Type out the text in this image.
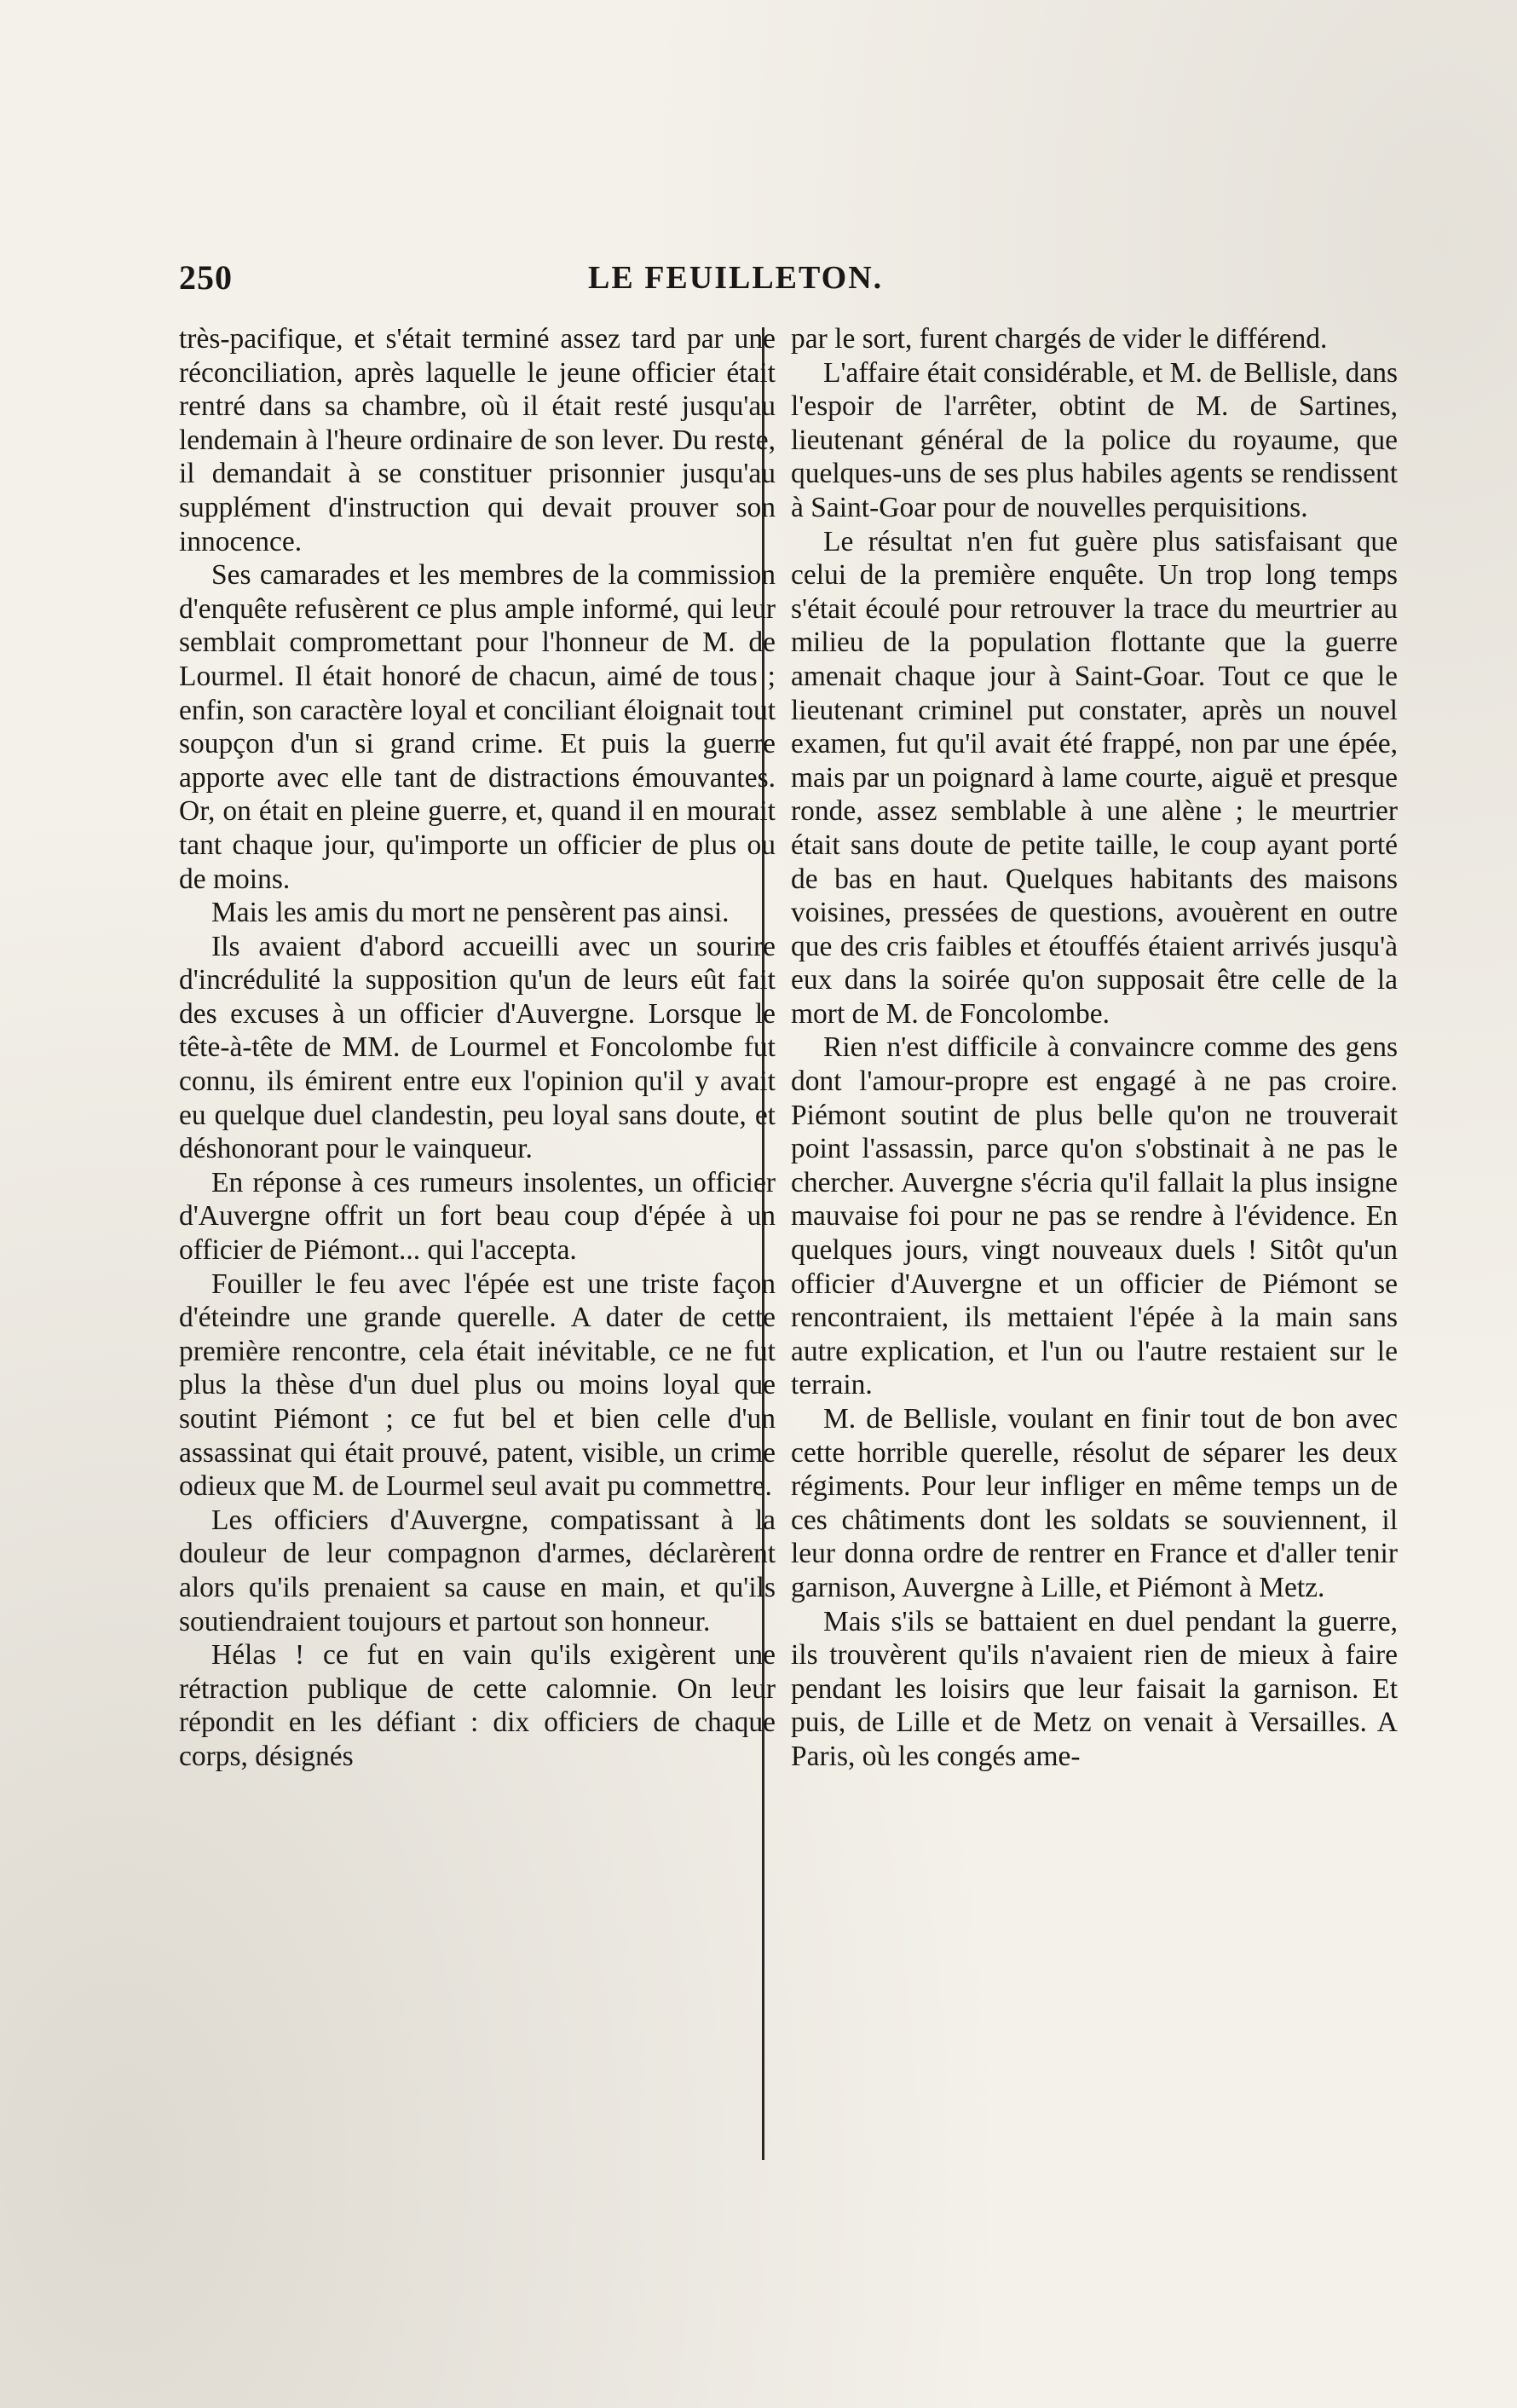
250	LE FEUILLETON.

très-pacifique, et s'était terminé assez tard par une réconciliation, après laquelle le jeune officier était rentré dans sa chambre, où il était resté jusqu'au lendemain à l'heure ordinaire de son lever. Du reste, il demandait à se constituer prisonnier jusqu'au supplément d'instruction qui devait prouver son innocence.

Ses camarades et les membres de la commission d'enquête refusèrent ce plus ample informé, qui leur semblait compromettant pour l'honneur de M. de Lourmel. Il était honoré de chacun, aimé de tous ; enfin, son caractère loyal et conciliant éloignait tout soupçon d'un si grand crime. Et puis la guerre apporte avec elle tant de distractions émouvantes. Or, on était en pleine guerre, et, quand il en mourait tant chaque jour, qu'importe un officier de plus ou de moins.

Mais les amis du mort ne pensèrent pas ainsi.

Ils avaient d'abord accueilli avec un sourire d'incrédulité la supposition qu'un de leurs eût fait des excuses à un officier d'Auvergne. Lorsque le tête-à-tête de MM. de Lourmel et Foncolombe fut connu, ils émirent entre eux l'opinion qu'il y avait eu quelque duel clandestin, peu loyal sans doute, et déshonorant pour le vainqueur.

En réponse à ces rumeurs insolentes, un officier d'Auvergne offrit un fort beau coup d'épée à un officier de Piémont... qui l'accepta.

Fouiller le feu avec l'épée est une triste façon d'éteindre une grande querelle. A dater de cette première rencontre, cela était inévitable, ce ne fut plus la thèse d'un duel plus ou moins loyal que soutint Piémont ; ce fut bel et bien celle d'un assassinat qui était prouvé, patent, visible, un crime odieux que M. de Lourmel seul avait pu commettre.

Les officiers d'Auvergne, compatissant à la douleur de leur compagnon d'armes, déclarèrent alors qu'ils prenaient sa cause en main, et qu'ils soutiendraient toujours et partout son honneur.

Hélas ! ce fut en vain qu'ils exigèrent une rétraction publique de cette calomnie. On leur répondit en les défiant : dix officiers de chaque corps, désignés

par le sort, furent chargés de vider le différend.

L'affaire était considérable, et M. de Bellisle, dans l'espoir de l'arrêter, obtint de M. de Sartines, lieutenant général de la police du royaume, que quelques-uns de ses plus habiles agents se rendissent à Saint-Goar pour de nouvelles perquisitions.

Le résultat n'en fut guère plus satisfaisant que celui de la première enquête. Un trop long temps s'était écoulé pour retrouver la trace du meurtrier au milieu de la population flottante que la guerre amenait chaque jour à Saint-Goar. Tout ce que le lieutenant criminel put constater, après un nouvel examen, fut qu'il avait été frappé, non par une épée, mais par un poignard à lame courte, aiguë et presque ronde, assez semblable à une alène ; le meurtrier était sans doute de petite taille, le coup ayant porté de bas en haut. Quelques habitants des maisons voisines, pressées de questions, avouèrent en outre que des cris faibles et étouffés étaient arrivés jusqu'à eux dans la soirée qu'on supposait être celle de la mort de M. de Foncolombe.

Rien n'est difficile à convaincre comme des gens dont l'amour-propre est engagé à ne pas croire. Piémont soutint de plus belle qu'on ne trouverait point l'assassin, parce qu'on s'obstinait à ne pas le chercher. Auvergne s'écria qu'il fallait la plus insigne mauvaise foi pour ne pas se rendre à l'évidence. En quelques jours, vingt nouveaux duels ! Sitôt qu'un officier d'Auvergne et un officier de Piémont se rencontraient, ils mettaient l'épée à la main sans autre explication, et l'un ou l'autre restaient sur le terrain.

M. de Bellisle, voulant en finir tout de bon avec cette horrible querelle, résolut de séparer les deux régiments. Pour leur infliger en même temps un de ces châtiments dont les soldats se souviennent, il leur donna ordre de rentrer en France et d'aller tenir garnison, Auvergne à Lille, et Piémont à Metz.

Mais s'ils se battaient en duel pendant la guerre, ils trouvèrent qu'ils n'avaient rien de mieux à faire pendant les loisirs que leur faisait la garnison. Et puis, de Lille et de Metz on venait à Versailles. A Paris, où les congés ame-
